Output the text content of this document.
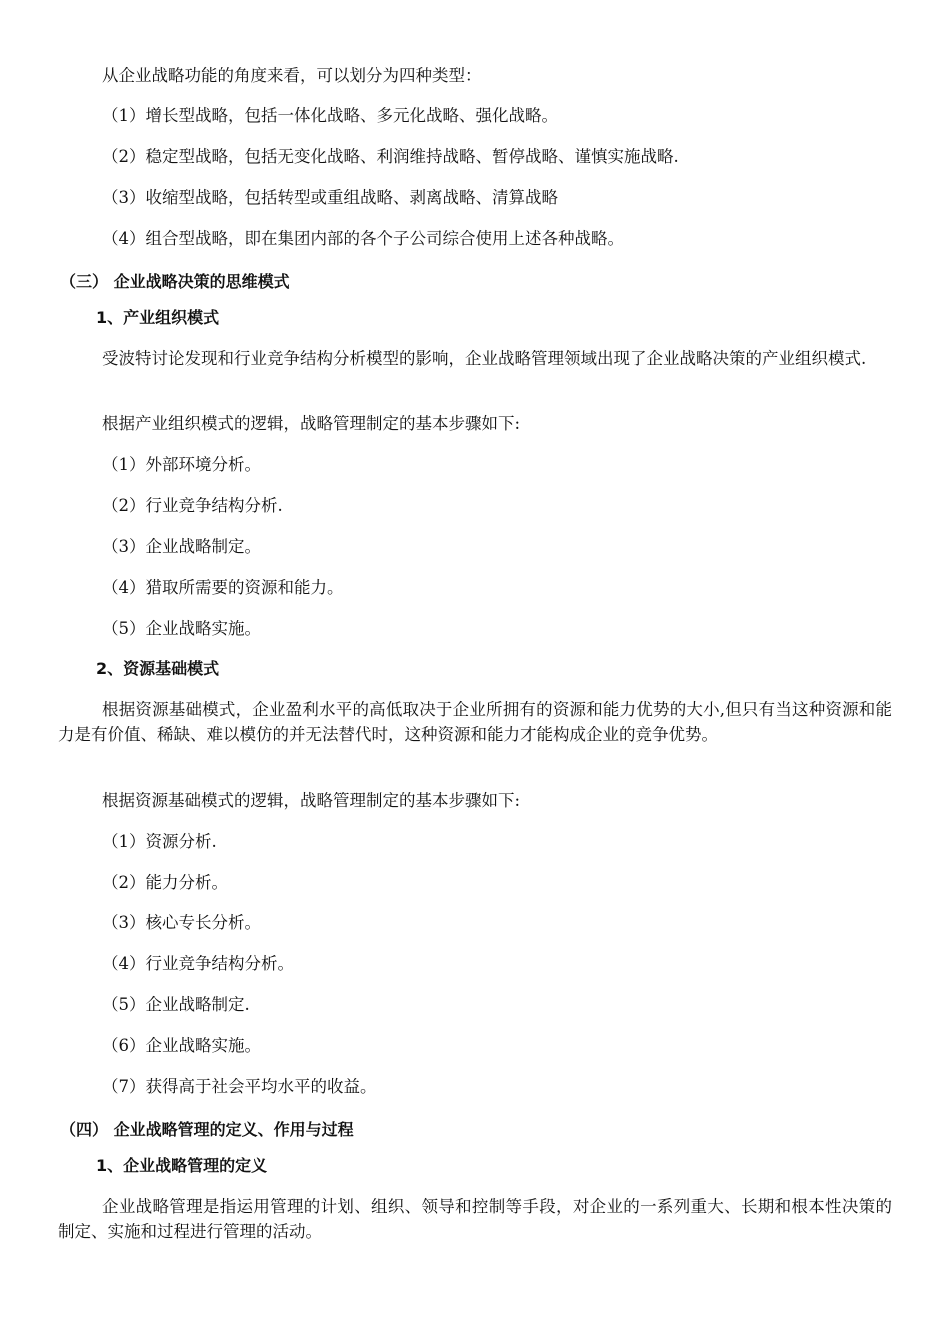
从企业战略功能的角度来看，可以划分为四种类型：
（1）增长型战略，包括一体化战略、多元化战略、强化战略。
（2）稳定型战略，包括无变化战略、利润维持战略、暂停战略、谨慎实施战略.
（3）收缩型战略，包括转型或重组战略、剥离战略、清算战略
（4）组合型战略，即在集团内部的各个子公司综合使用上述各种战略。
（三） 企业战略决策的思维模式
1、产业组织模式
受波特讨论发现和行业竞争结构分析模型的影响，企业战略管理领域出现了企业战略决策的产业组织模式.
根据产业组织模式的逻辑，战略管理制定的基本步骤如下:
（1）外部环境分析。
（2）行业竞争结构分析.
（3）企业战略制定。
（4）猎取所需要的资源和能力。
（5）企业战略实施。
2、资源基础模式
根据资源基础模式，企业盈利水平的高低取决于企业所拥有的资源和能力优势的大小,但只有当这种资源和能力是有价值、稀缺、难以模仿的并无法替代时，这种资源和能力才能构成企业的竞争优势。
根据资源基础模式的逻辑，战略管理制定的基本步骤如下:
（1）资源分析.
（2）能力分析。
（3）核心专长分析。
（4）行业竞争结构分析。
（5）企业战略制定.
（6）企业战略实施。
（7）获得高于社会平均水平的收益。
（四） 企业战略管理的定义、作用与过程
1、企业战略管理的定义
企业战略管理是指运用管理的计划、组织、领导和控制等手段，对企业的一系列重大、长期和根本性决策的制定、实施和过程进行管理的活动。
